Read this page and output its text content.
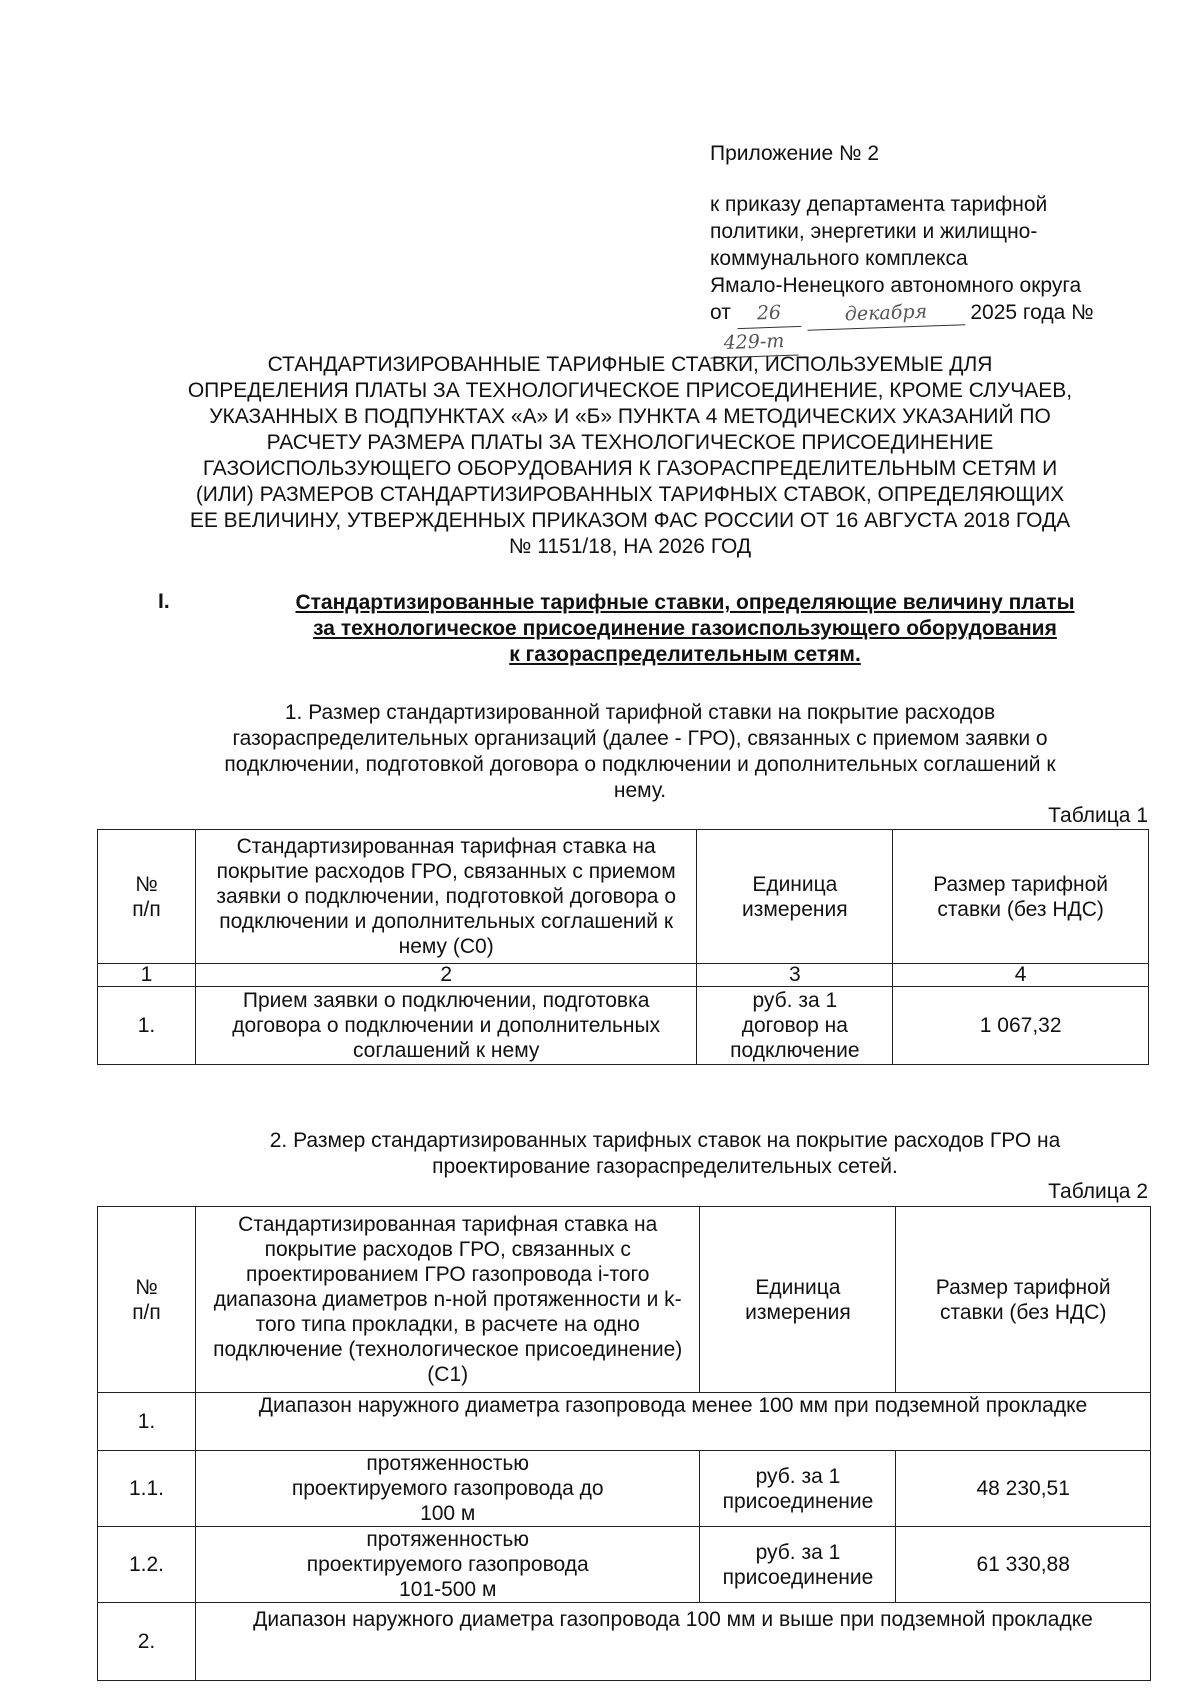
Приложение № 2
к приказу департамента тарифной
политики, энергетики и жилищно-
коммунального комплекса
Ямало-Ненецкого автономного округа
от 26	декабря 2025 года № 429-т
СТАНДАРТИЗИРОВАННЫЕ ТАРИФНЫЕ СТАВКИ, ИСПОЛЬЗУЕМЫЕ ДЛЯ
ОПРЕДЕЛЕНИЯ ПЛАТЫ ЗА ТЕХНОЛОГИЧЕСКОЕ ПРИСОЕДИНЕНИЕ, КРОМЕ СЛУЧАЕВ,
УКАЗАННЫХ В ПОДПУНКТАХ «А» И «Б» ПУНКТА 4 МЕТОДИЧЕСКИХ УКАЗАНИЙ ПО
РАСЧЕТУ РАЗМЕРА ПЛАТЫ ЗА ТЕХНОЛОГИЧЕСКОЕ ПРИСОЕДИНЕНИЕ
ГАЗОИСПОЛЬЗУЮЩЕГО ОБОРУДОВАНИЯ К ГАЗОРАСПРЕДЕЛИТЕЛЬНЫМ СЕТЯМ И
(ИЛИ) РАЗМЕРОВ СТАНДАРТИЗИРОВАННЫХ ТАРИФНЫХ СТАВОК, ОПРЕДЕЛЯЮЩИХ
ЕЕ ВЕЛИЧИНУ, УТВЕРЖДЕННЫХ ПРИКАЗОМ ФАС РОССИИ ОТ 16 АВГУСТА 2018 ГОДА
№ 1151/18, НА 2026 ГОД
I.	Стандартизированные тарифные ставки, определяющие величину платы
за технологическое присоединение газоиспользующего оборудования
к газораспределительным сетям.
1. Размер стандартизированной тарифной ставки на покрытие расходов
газораспределительных организаций (далее - ГРО), связанных с приемом заявки о
подключении, подготовкой договора о подключении и дополнительных соглашений к
нему.
Таблица 1
№ п/п	Стандартизированная тарифная ставка на покрытие расходов ГРО, связанных с приемом заявки о подключении, подготовкой договора о подключении и дополнительных соглашений к нему (С0)	Единица измерения	Размер тарифной ставки (без НДС)
1	2	3	4
1.	Прием заявки о подключении, подготовка договора о подключении и дополнительных соглашений к нему	руб. за 1 договор на подключение	1 067,32
2. Размер стандартизированных тарифных ставок на покрытие расходов ГРО на
проектирование газораспределительных сетей.
Таблица 2
№ п/п	Стандартизированная тарифная ставка на покрытие расходов ГРО, связанных с проектированием ГРО газопровода i-того диапазона диаметров n-ной протяженности и k-того типа прокладки, в расчете на одно подключение (технологическое присоединение) (С1)	Единица измерения	Размер тарифной ставки (без НДС)
1.	Диапазон наружного диаметра газопровода менее 100 мм при подземной прокладке		
1.1.	протяженностью проектируемого газопровода до 100 м	руб. за 1 присоединение	48 230,51
1.2.	протяженностью проектируемого газопровода 101-500 м	руб. за 1 присоединение	61 330,88
2.	Диапазон наружного диаметра газопровода 100 мм и выше при подземной прокладке		
